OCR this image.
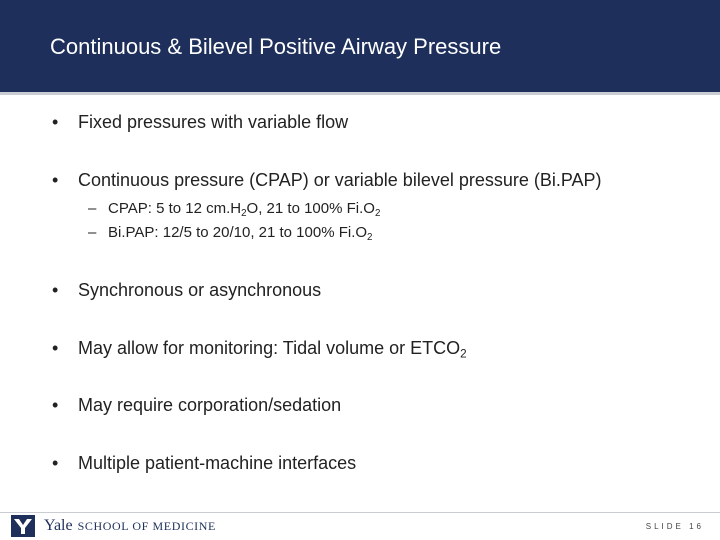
Continuous & Bilevel Positive Airway Pressure
• Fixed pressures with variable flow
• Continuous pressure (CPAP) or variable bilevel pressure (Bi.PAP)
– CPAP: 5 to 12 $cm.H_2O$, 21 to 100% $Fi.O_2$
– Bi.PAP: 12/5 to 20/10, 21 to 100% $Fi.O_2$
• Synchronous or asynchronous
• May allow for monitoring: Tidal volume or $ETCO_2$
• May require corporation/sedation
• Multiple patient-machine interfaces
Yale SCHOOL OF MEDICINE	SLIDE 16
